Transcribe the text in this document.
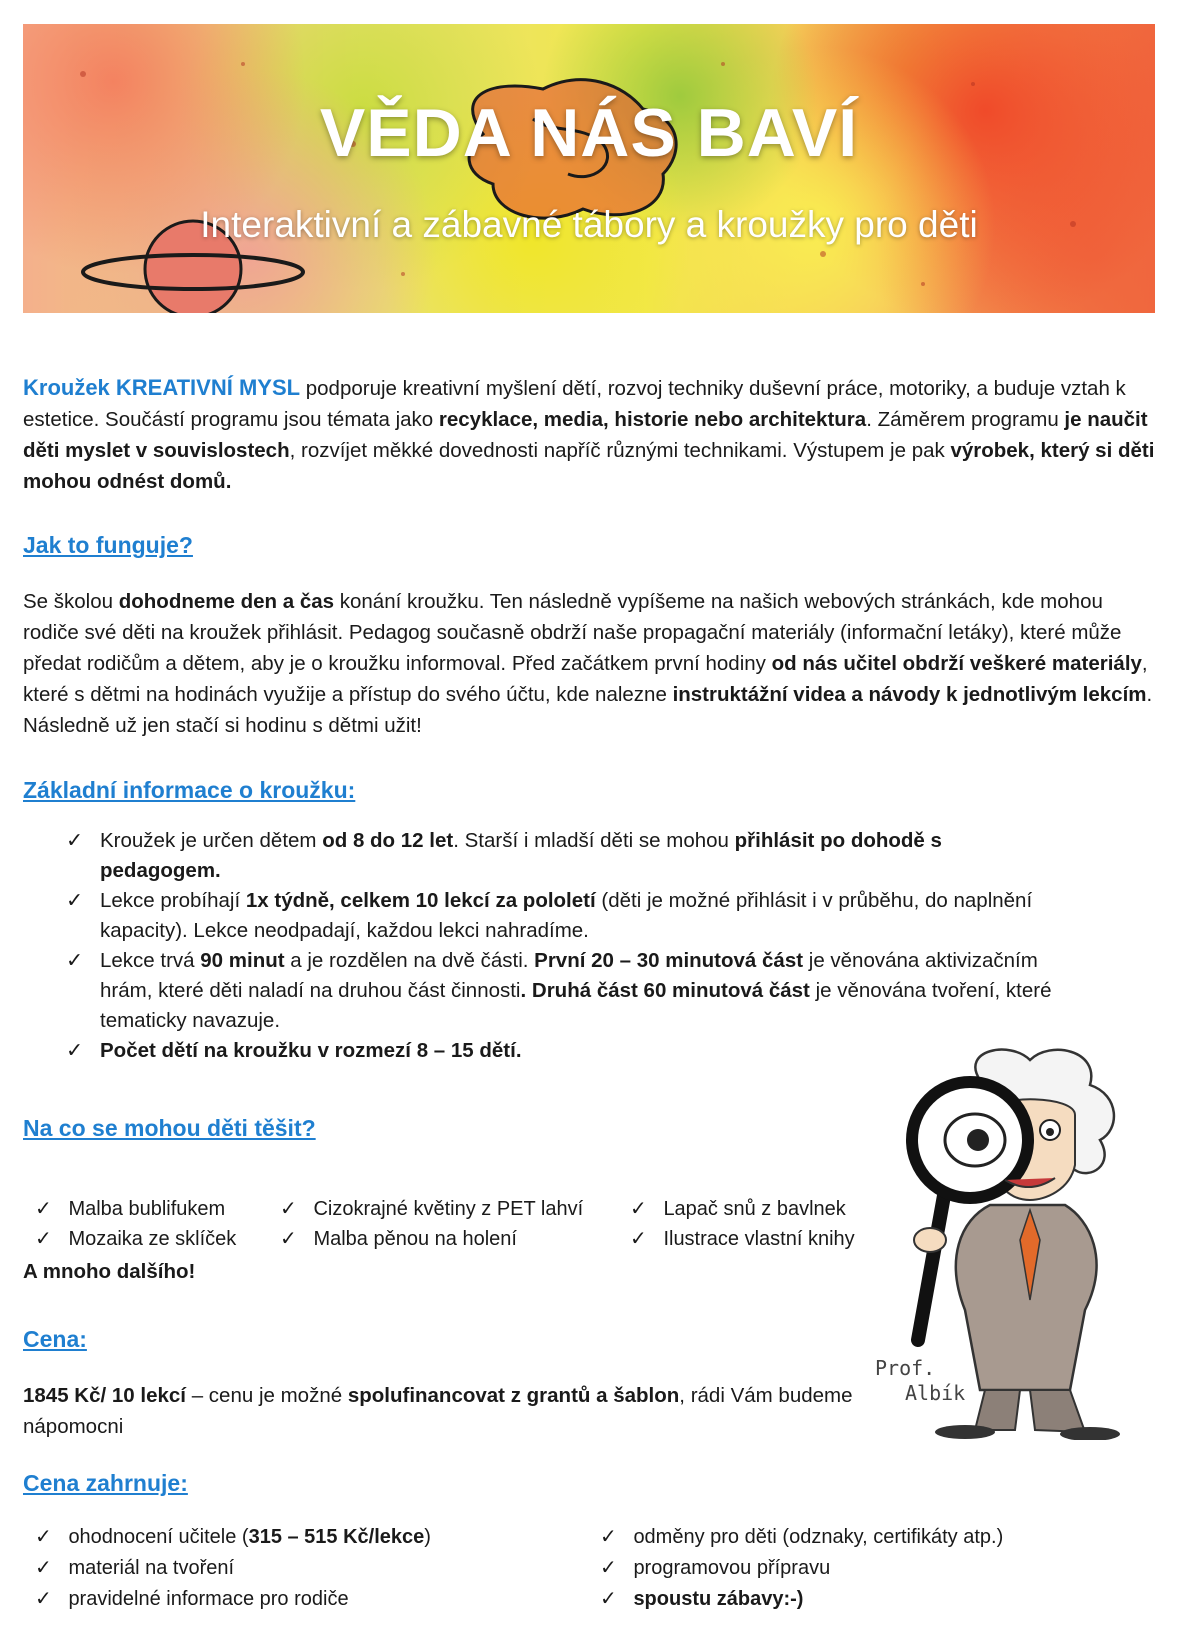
VĚDA NÁS BAVÍ
Interaktivní a zábavné tábory a kroužky pro děti
Kroužek KREATIVNÍ MYSL podporuje kreativní myšlení dětí, rozvoj techniky duševní práce, motoriky, a buduje vztah k estetice. Součástí programu jsou témata jako recyklace, media, historie nebo architektura. Záměrem programu je naučit děti myslet v souvislostech, rozvíjet měkké dovednosti napříč různými technikami. Výstupem je pak výrobek, který si děti mohou odnést domů.
Jak to funguje?
Se školou dohodneme den a čas konání kroužku. Ten následně vypíšeme na našich webových stránkách, kde mohou rodiče své děti na kroužek přihlásit. Pedagog současně obdrží naše propagační materiály (informační letáky), které může předat rodičům a dětem, aby je o kroužku informoval. Před začátkem první hodiny od nás učitel obdrží veškeré materiály, které s dětmi na hodinách využije a přístup do svého účtu, kde nalezne instruktážní videa a návody k jednotlivým lekcím. Následně už jen stačí si hodinu s dětmi užit!
Základní informace o kroužku:
✓ Kroužek je určen dětem od 8 do 12 let. Starší i mladší děti se mohou přihlásit po dohodě s pedagogem.
✓ Lekce probíhají 1x týdně, celkem 10 lekcí za pololetí (děti je možné přihlásit i v průběhu, do naplnění kapacity). Lekce neodpadají, každou lekci nahradíme.
✓ Lekce trvá 90 minut a je rozdělen na dvě části. První 20 – 30 minutová část je věnována aktivizačním hrám, které děti naladí na druhou část činnosti. Druhá část 60 minutová část je věnována tvoření, které tematicky navazuje.
✓ Počet dětí na kroužku v rozmezí 8 – 15 dětí.
Na co se mohou děti těšit?
✓ Malba bublifukem	✓ Cizokrajné květiny z PET lahví ✓ Lapač snů z bavlnek
✓ Mozaika ze sklíček ✓ Malba pěnou na holení	✓ Ilustrace vlastní knihy
A mnoho dalšího!
Cena:
1845 Kč/ 10 lekcí – cenu je možné spolufinancovat z grantů a šablon, rádi Vám budeme nápomocni
Cena zahrnuje:
✓ ohodnocení učitele (315 – 515 Kč/lekce)
✓ materiál na tvoření
✓ pravidelné informace pro rodiče
✓ odměny pro děti (odznaky, certifikáty atp.)
✓ programovou přípravu
✓ spoustu zábavy:-)
Prof.
Albík
